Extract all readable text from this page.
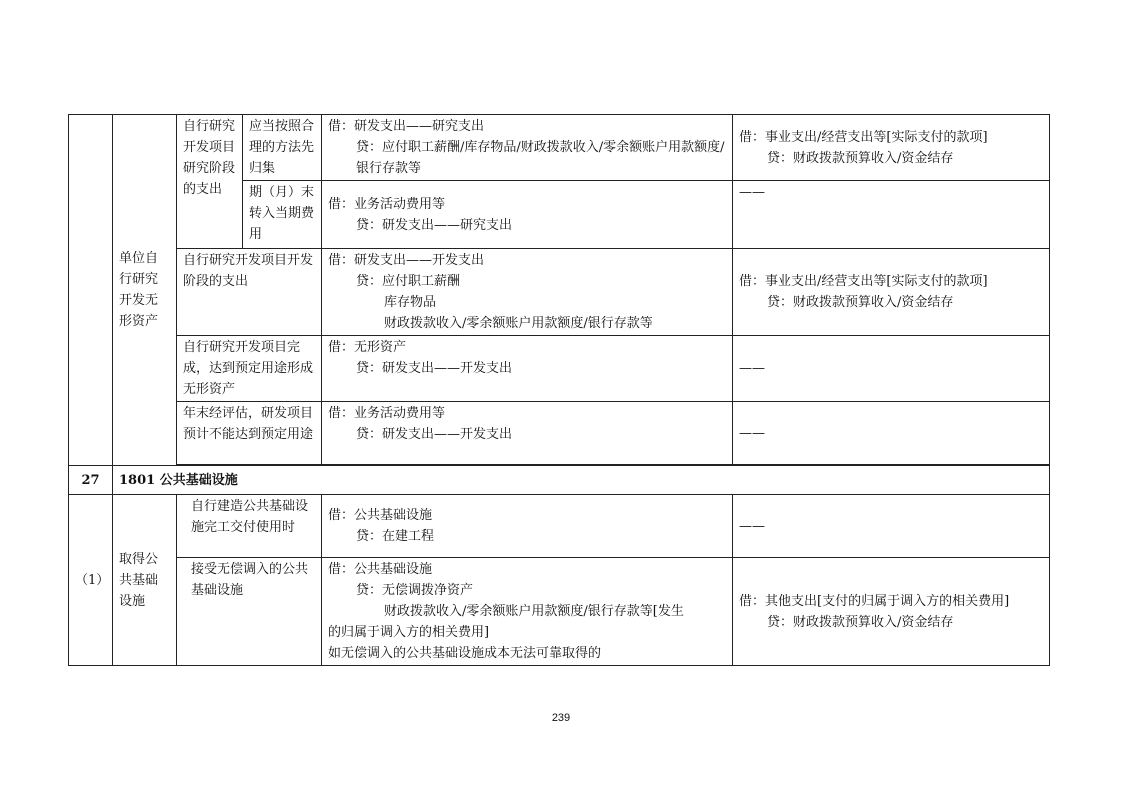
	单位自行研究开发无形资产	自行研究开发项目研究阶段的支出	应当按照合理的方法先归集	借：研发支出——研究支出
贷：应付职工薪酬/库存物品/财政拨款收入/零余额账户用款额度/银行存款等	借：事业支出/经营支出等[实际支付的款项]
贷：财政拨款预算收入/资金结存

			期（月）末转入当期费用	借：业务活动费用等
贷：研发支出——研究支出	——
		自行研究开发项目开发阶段的支出		借：研发支出——开发支出
贷：应付职工薪酬
库存物品
财政拨款收入/零余额账户用款额度/银行存款等	借：事业支出/经营支出等[实际支付的款项]
贷：财政拨款预算收入/资金结存

		自行研究开发项目完成，达到预定用途形成无形资产		借：无形资产
贷：研发支出——开发支出	——
		年末经评估，研发项目预计不能达到预定用途		借：业务活动费用等
贷：研发支出——开发支出	——

27	1801 公共基础设施				
（1）	取得公共基础设施	自行建造公共基础设施完工交付使用时		借：公共基础设施
贷：在建工程	——
		接受无偿调入的公共基础设施		借：公共基础设施
贷：无偿调拨净资产
财政拨款收入/零余额账户用款额度/银行存款等[发生
的归属于调入方的相关费用]
如无偿调入的公共基础设施成本无法可靠取得的	借：其他支出[支付的归属于调入方的相关费用]
贷：财政拨款预算收入/资金结存
239
